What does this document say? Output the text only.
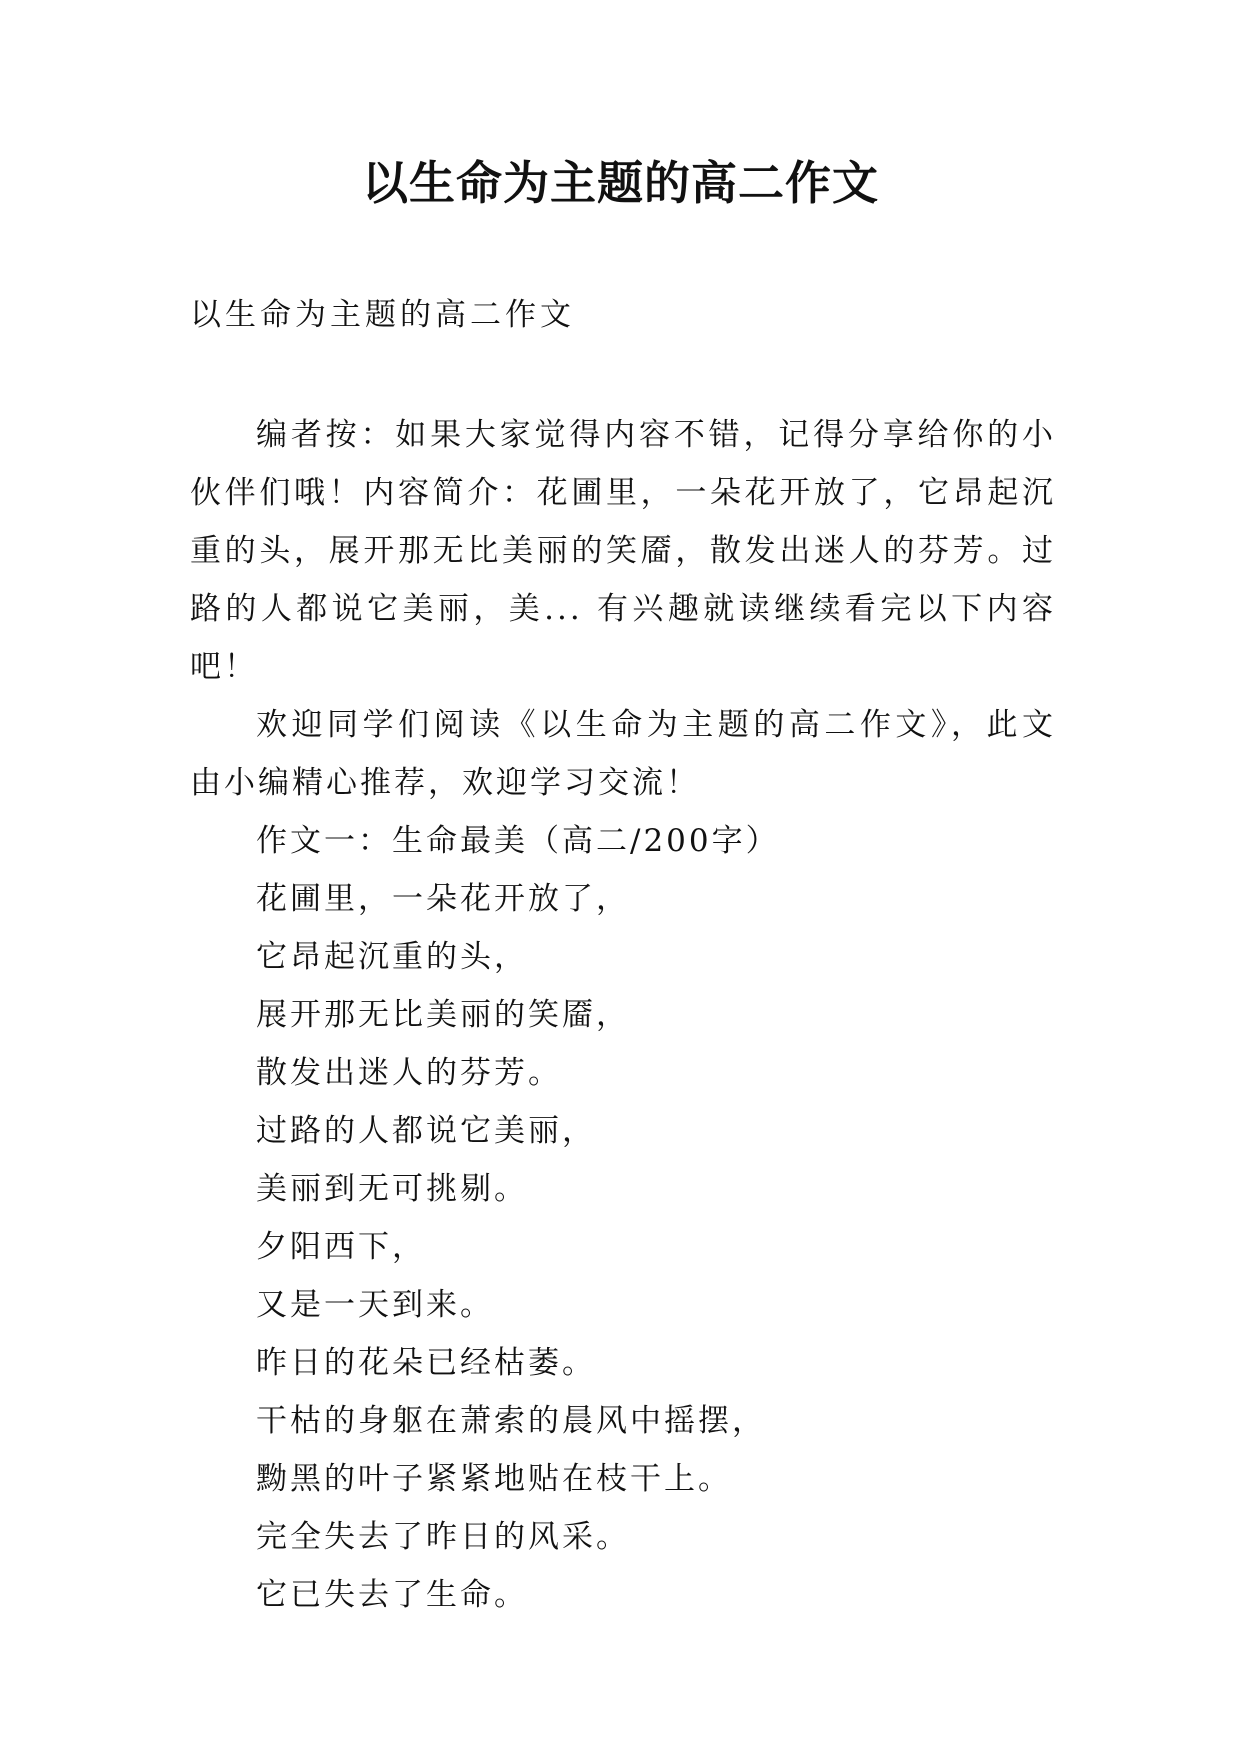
以生命为主题的高二作文

以生命为主题的高二作文

编者按：如果大家觉得内容不错，记得分享给你的小伙伴们哦！内容简介：花圃里，一朵花开放了，它昂起沉重的头，展开那无比美丽的笑靥，散发出迷人的芬芳。过路的人都说它美丽，美... 有兴趣就读继续看完以下内容吧！

欢迎同学们阅读《以生命为主题的高二作文》，此文由小编精心推荐，欢迎学习交流！

作文一：生命最美（高二/200字）

花圃里，一朵花开放了，

它昂起沉重的头，

展开那无比美丽的笑靥，

散发出迷人的芬芳。

过路的人都说它美丽，

美丽到无可挑剔。

夕阳西下，

又是一天到来。

昨日的花朵已经枯萎。

干枯的身躯在萧索的晨风中摇摆，

黝黑的叶子紧紧地贴在枝干上。

完全失去了昨日的风采。

它已失去了生命。
